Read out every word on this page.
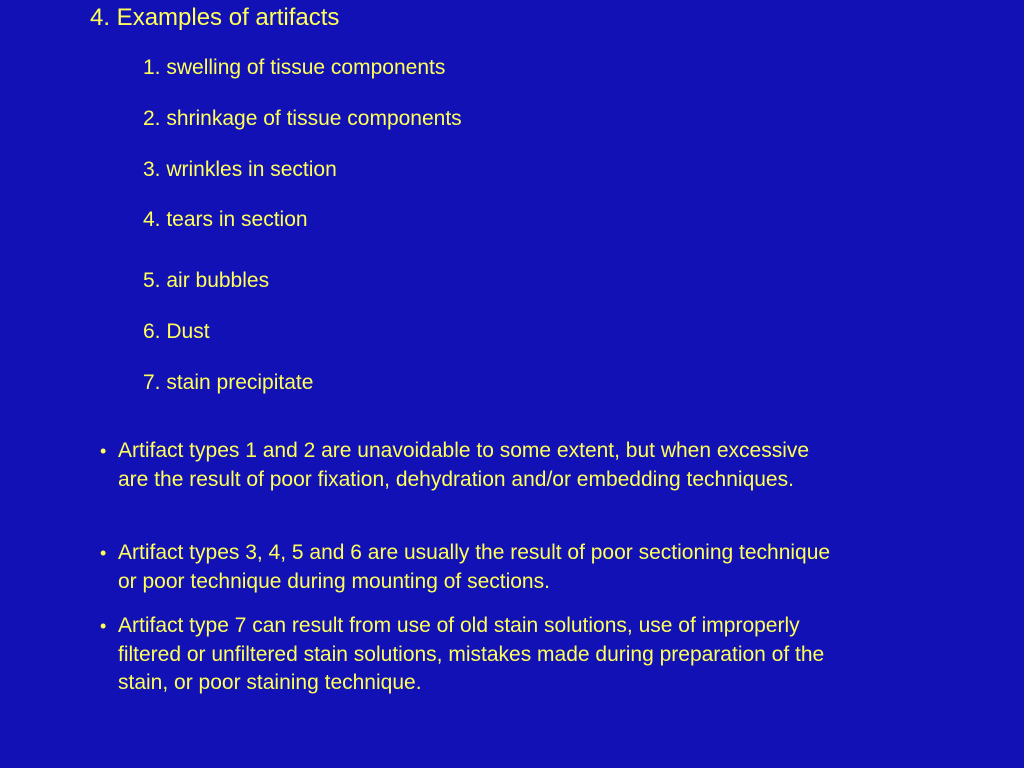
4. Examples of artifacts
1. swelling of tissue components
2. shrinkage of tissue components
3. wrinkles in section
4. tears in section
5. air bubbles
6. Dust
7. stain precipitate
• Artifact types 1 and 2 are unavoidable to some extent, but when excessive are the result of poor fixation, dehydration and/or embedding techniques.
• Artifact types 3, 4, 5 and 6 are usually the result of poor sectioning technique or poor technique during mounting of sections.
• Artifact type 7 can result from use of old stain solutions, use of improperly filtered or unfiltered stain solutions, mistakes made during preparation of the stain, or poor staining technique.
